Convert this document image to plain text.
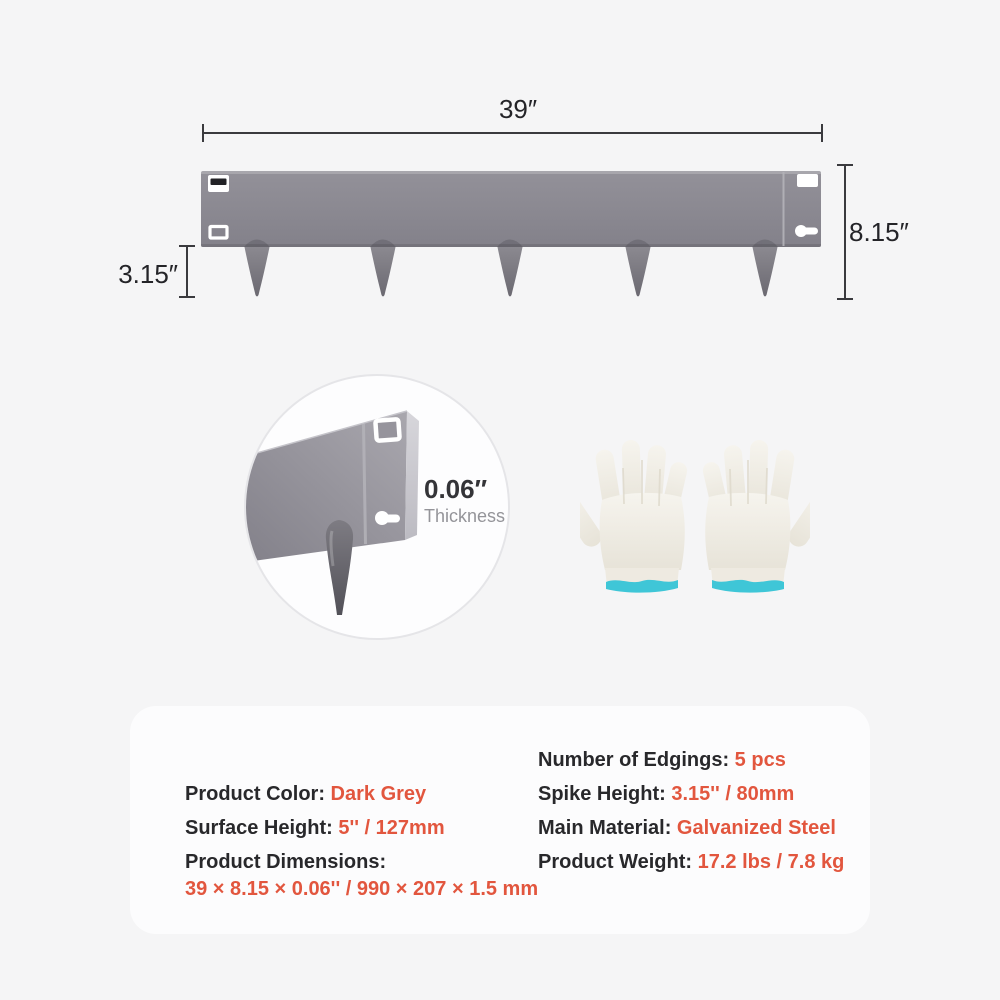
39″
8.15″
3.15″
0.06″
Thickness
Product Color: Dark Grey
Surface Height: 5'' / 127mm
Product Dimensions:
39 × 8.15 × 0.06'' / 990 × 207 × 1.5 mm
Number of Edgings: 5 pcs
Spike Height: 3.15'' / 80mm
Main Material: Galvanized Steel
Product Weight: 17.2 lbs / 7.8 kg
